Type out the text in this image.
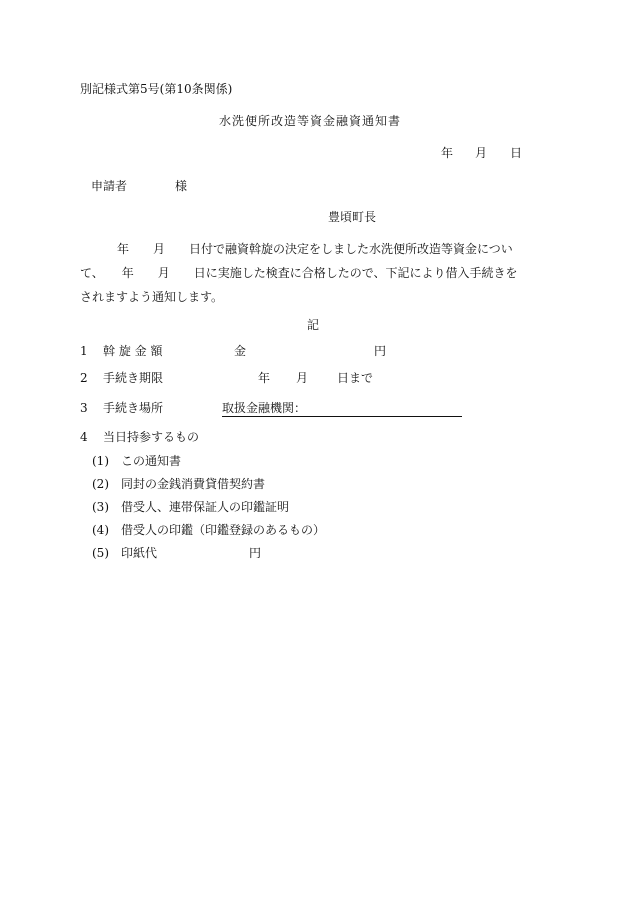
別記様式第5号(第10条関係)
水洗便所改造等資金融資通知書
年 月 日
申請者	様
豊頃町長
年　　月　　日付で融資斡旋の決定をしました水洗便所改造等資金につい
て、　　年　　月　　日に実施した検査に合格したので、下記により借入手続きを
されますよう通知します。
記
1 斡 旋 金 額	金	円
2 手続き期限	年 月 日まで
3 手続き場所	取扱金融機関：
4 当日持参するもの
(1) この通知書
(2) 同封の金銭消費貸借契約書
(3) 借受人、連帯保証人の印鑑証明
(4) 借受人の印鑑（印鑑登録のあるもの）
(5) 印紙代	円
